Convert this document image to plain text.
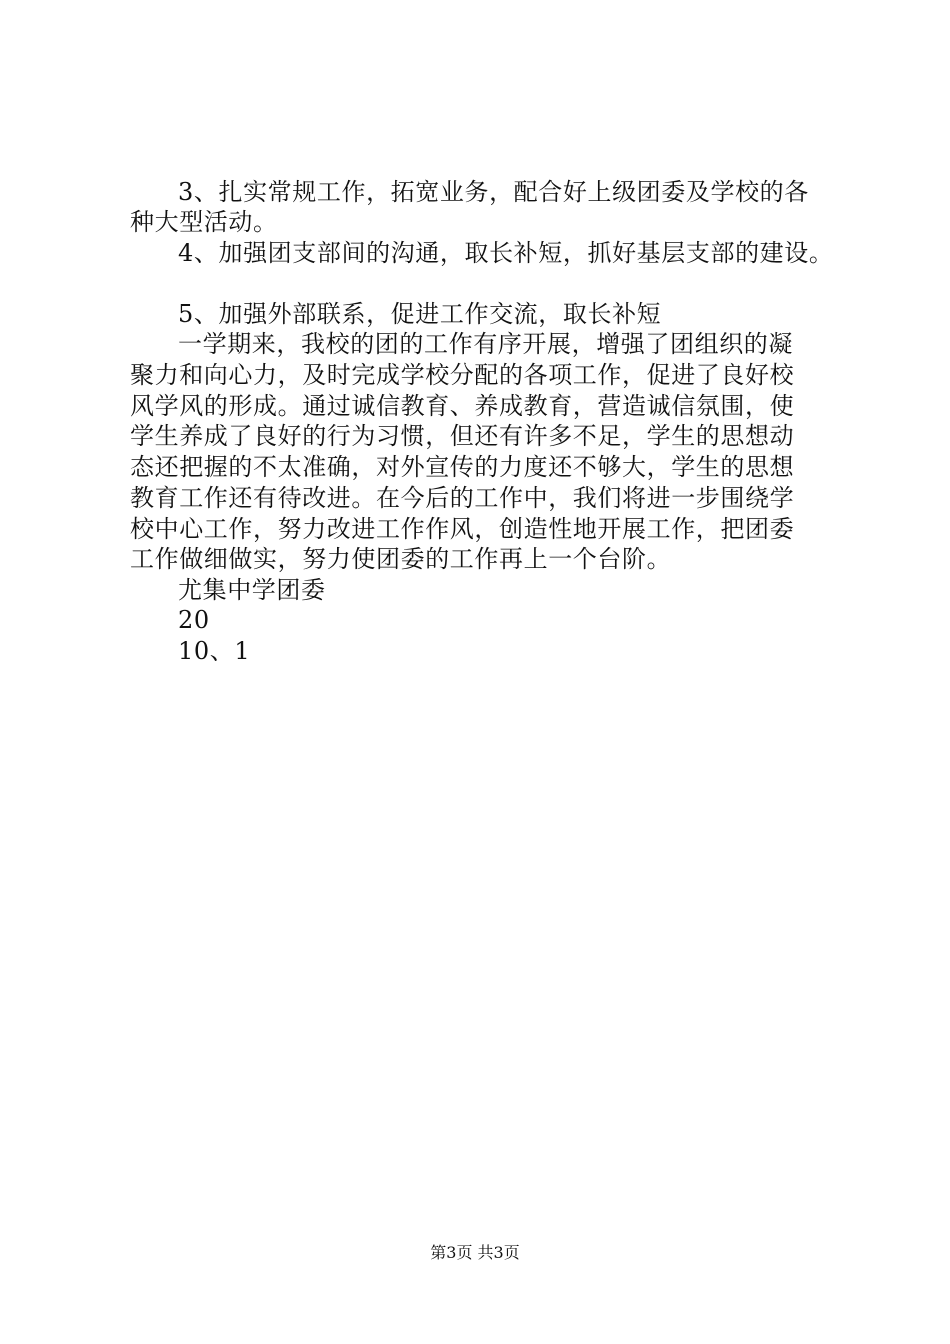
3、扎实常规工作，拓宽业务，配合好上级团委及学校的各
种大型活动。
4、加强团支部间的沟通，取长补短，抓好基层支部的建设。
5、加强外部联系，促进工作交流，取长补短
一学期来，我校的团的工作有序开展，增强了团组织的凝
聚力和向心力，及时完成学校分配的各项工作，促进了良好校
风学风的形成。通过诚信教育、养成教育，营造诚信氛围，使
学生养成了良好的行为习惯，但还有许多不足，学生的思想动
态还把握的不太准确，对外宣传的力度还不够大，学生的思想
教育工作还有待改进。在今后的工作中，我们将进一步围绕学
校中心工作，努力改进工作作风，创造性地开展工作，把团委
工作做细做实，努力使团委的工作再上一个台阶。
尤集中学团委
20
10、1
第3页 共3页
